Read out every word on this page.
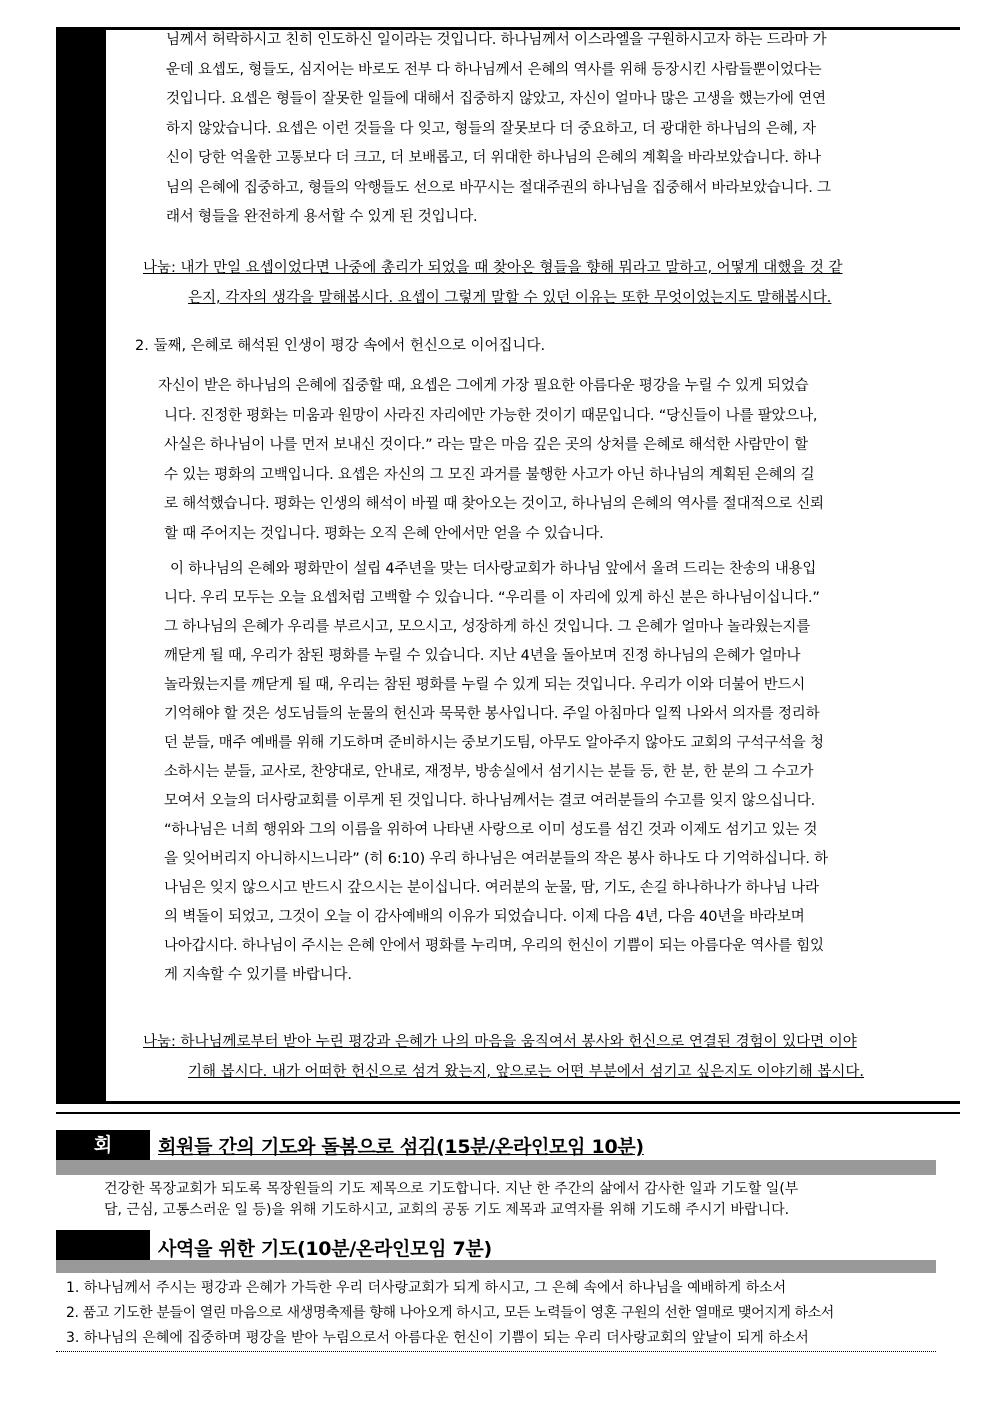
님께서 허락하시고 친히 인도하신 일이라는 것입니다. 하나님께서 이스라엘을 구원하시고자 하는 드라마 가
운데 요셉도, 형들도, 심지어는 바로도 전부 다 하나님께서 은혜의 역사를 위해 등장시킨 사람들뿐이었다는
것입니다. 요셉은 형들이 잘못한 일들에 대해서 집중하지 않았고, 자신이 얼마나 많은 고생을 했는가에 연연
하지 않았습니다. 요셉은 이런 것들을 다 잊고, 형들의 잘못보다 더 중요하고, 더 광대한 하나님의 은혜, 자
신이 당한 억울한 고통보다 더 크고, 더 보배롭고, 더 위대한 하나님의 은혜의 계획을 바라보았습니다. 하나
님의 은혜에 집중하고, 형들의 악행들도 선으로 바꾸시는 절대주권의 하나님을 집중해서 바라보았습니다. 그
래서 형들을 완전하게 용서할 수 있게 된 것입니다.
나눔: 내가 만일 요셉이었다면 나중에 총리가 되었을 때 찾아온 형들을 향해 뭐라고 말하고, 어떻게 대했을 것 같
은지, 각자의 생각을 말해봅시다. 요셉이 그렇게 말할 수 있던 이유는 또한 무엇이었는지도 말해봅시다.
2. 둘째, 은혜로 해석된 인생이 평강 속에서 헌신으로 이어집니다.
자신이 받은 하나님의 은혜에 집중할 때, 요셉은 그에게 가장 필요한 아름다운 평강을 누릴 수 있게 되었습
니다. 진정한 평화는 미움과 원망이 사라진 자리에만 가능한 것이기 때문입니다. “당신들이 나를 팔았으나,
사실은 하나님이 나를 먼저 보내신 것이다.” 라는 말은 마음 깊은 곳의 상처를 은혜로 해석한 사람만이 할
수 있는 평화의 고백입니다. 요셉은 자신의 그 모진 과거를 불행한 사고가 아닌 하나님의 계획된 은혜의 길
로 해석했습니다. 평화는 인생의 해석이 바뀔 때 찾아오는 것이고, 하나님의 은혜의 역사를 절대적으로 신뢰
할 때 주어지는 것입니다. 평화는 오직 은혜 안에서만 얻을 수 있습니다.
이 하나님의 은혜와 평화만이 설립 4주년을 맞는 더사랑교회가 하나님 앞에서 올려 드리는 찬송의 내용입
니다. 우리 모두는 오늘 요셉처럼 고백할 수 있습니다. “우리를 이 자리에 있게 하신 분은 하나님이십니다.”
그 하나님의 은혜가 우리를 부르시고, 모으시고, 성장하게 하신 것입니다. 그 은혜가 얼마나 놀라웠는지를
깨닫게 될 때, 우리가 참된 평화를 누릴 수 있습니다. 지난 4년을 돌아보며 진정 하나님의 은혜가 얼마나
놀라웠는지를 깨닫게 될 때, 우리는 참된 평화를 누릴 수 있게 되는 것입니다. 우리가 이와 더불어 반드시
기억해야 할 것은 성도님들의 눈물의 헌신과 묵묵한 봉사입니다. 주일 아침마다 일찍 나와서 의자를 정리하
던 분들, 매주 예배를 위해 기도하며 준비하시는 중보기도팀, 아무도 알아주지 않아도 교회의 구석구석을 청
소하시는 분들, 교사로, 찬양대로, 안내로, 재정부, 방송실에서 섬기시는 분들 등, 한 분, 한 분의 그 수고가
모여서 오늘의 더사랑교회를 이루게 된 것입니다. 하나님께서는 결코 여러분들의 수고를 잊지 않으십니다.
“하나님은 너희 행위와 그의 이름을 위하여 나타낸 사랑으로 이미 성도를 섬긴 것과 이제도 섬기고 있는 것
을 잊어버리지 아니하시느니라” (히 6:10) 우리 하나님은 여러분들의 작은 봉사 하나도 다 기억하십니다. 하
나님은 잊지 않으시고 반드시 갚으시는 분이십니다. 여러분의 눈물, 땀, 기도, 손길 하나하나가 하나님 나라
의 벽돌이 되었고, 그것이 오늘 이 감사예배의 이유가 되었습니다. 이제 다음 4년, 다음 40년을 바라보며
나아갑시다. 하나님이 주시는 은혜 안에서 평화를 누리며, 우리의 헌신이 기쁨이 되는 아름다운 역사를 힘있
게 지속할 수 있기를 바랍니다.
나눔: 하나님께로부터 받아 누린 평강과 은혜가 나의 마음을 움직여서 봉사와 헌신으로 연결된 경험이 있다면 이야
기해 봅시다. 내가 어떠한 헌신으로 섬겨 왔는지, 앞으로는 어떤 부분에서 섬기고 싶은지도 이야기해 봅시다.
회	회원들 간의 기도와 돌봄으로 섬김(15분/온라인모임 10분)
건강한 목장교회가 되도록 목장원들의 기도 제목으로 기도합니다. 지난 한 주간의 삶에서 감사한 일과 기도할 일(부
담, 근심, 고통스러운 일 등)을 위해 기도하시고, 교회의 공동 기도 제목과 교역자를 위해 기도해 주시기 바랍니다.
사역을 위한 기도(10분/온라인모임 7분)
1. 하나님께서 주시는 평강과 은혜가 가득한 우리 더사랑교회가 되게 하시고, 그 은혜 속에서 하나님을 예배하게 하소서
2. 품고 기도한 분들이 열린 마음으로 새생명축제를 향해 나아오게 하시고, 모든 노력들이 영혼 구원의 선한 열매로 맺어지게 하소서
3. 하나님의 은혜에 집중하며 평강을 받아 누림으로서 아름다운 헌신이 기쁨이 되는 우리 더사랑교회의 앞날이 되게 하소서
